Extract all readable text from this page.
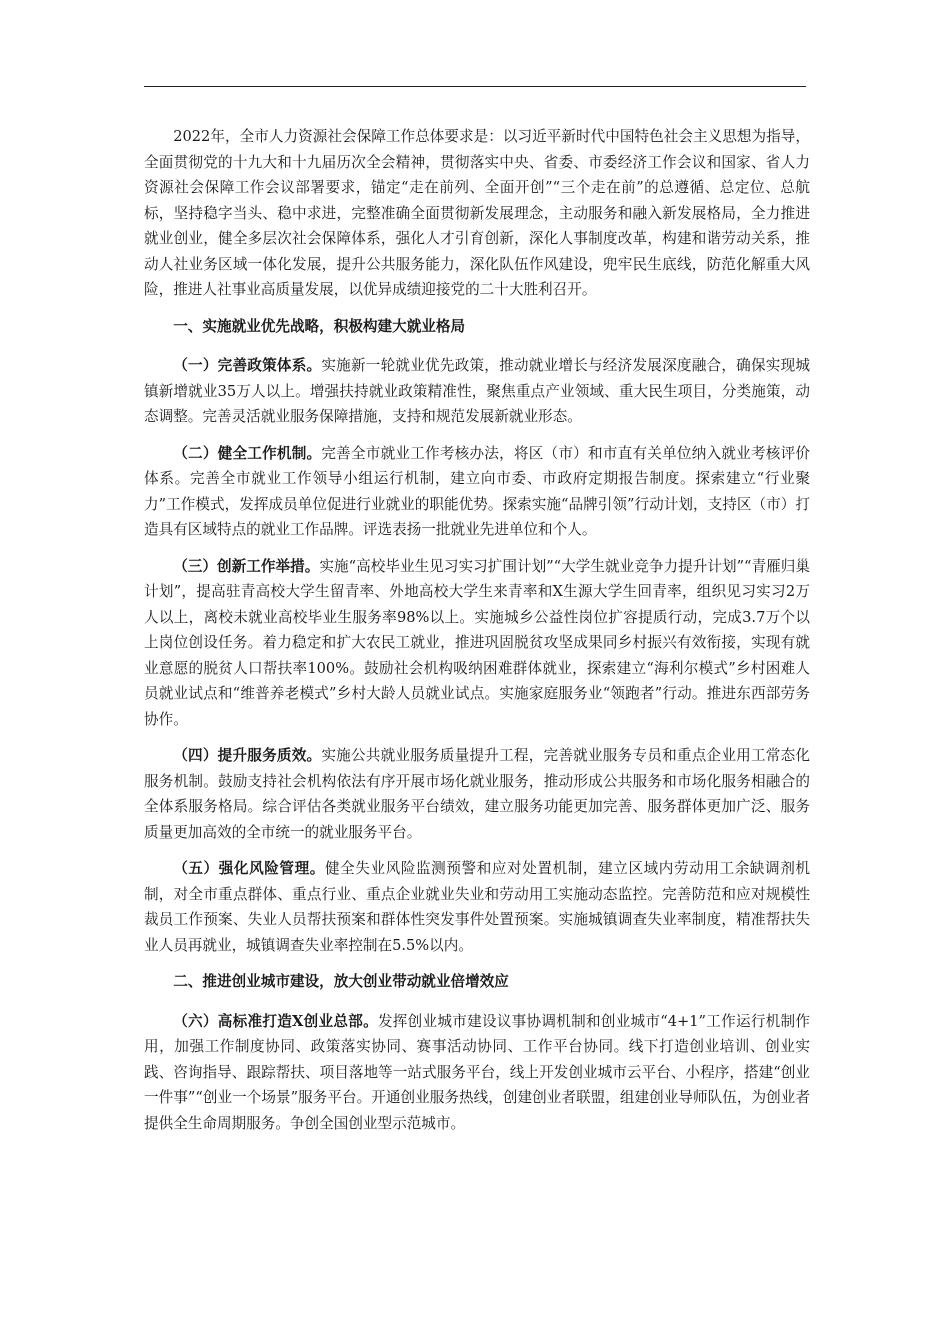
2022年，全市人力资源社会保障工作总体要求是：以习近平新时代中国特色社会主义思想为指导，全面贯彻党的十九大和十九届历次全会精神，贯彻落实中央、省委、市委经济工作会议和国家、省人力资源社会保障工作会议部署要求，锚定“走在前列、全面开创”“三个走在前”的总遵循、总定位、总航标，坚持稳字当头、稳中求进，完整准确全面贯彻新发展理念，主动服务和融入新发展格局，全力推进就业创业，健全多层次社会保障体系，强化人才引育创新，深化人事制度改革，构建和谐劳动关系，推动人社业务区域一体化发展，提升公共服务能力，深化队伍作风建设，兜牢民生底线，防范化解重大风险，推进人社事业高质量发展，以优异成绩迎接党的二十大胜利召开。

一、实施就业优先战略，积极构建大就业格局

（一）完善政策体系。实施新一轮就业优先政策，推动就业增长与经济发展深度融合，确保实现城镇新增就业35万人以上。增强扶持就业政策精准性，聚焦重点产业领域、重大民生项目，分类施策，动态调整。完善灵活就业服务保障措施，支持和规范发展新就业形态。

（二）健全工作机制。完善全市就业工作考核办法，将区（市）和市直有关单位纳入就业考核评价体系。完善全市就业工作领导小组运行机制，建立向市委、市政府定期报告制度。探索建立“行业聚力”工作模式，发挥成员单位促进行业就业的职能优势。探索实施“品牌引领”行动计划，支持区（市）打造具有区域特点的就业工作品牌。评选表扬一批就业先进单位和个人。

（三）创新工作举措。实施“高校毕业生见习实习扩围计划”“大学生就业竞争力提升计划”“青雁归巢计划”，提高驻青高校大学生留青率、外地高校大学生来青率和X生源大学生回青率，组织见习实习2万人以上，离校未就业高校毕业生服务率98%以上。实施城乡公益性岗位扩容提质行动，完成3.7万个以上岗位创设任务。着力稳定和扩大农民工就业，推进巩固脱贫攻坚成果同乡村振兴有效衔接，实现有就业意愿的脱贫人口帮扶率100%。鼓励社会机构吸纳困难群体就业，探索建立“海利尔模式”乡村困难人员就业试点和“维普养老模式”乡村大龄人员就业试点。实施家庭服务业“领跑者”行动。推进东西部劳务协作。

（四）提升服务质效。实施公共就业服务质量提升工程，完善就业服务专员和重点企业用工常态化服务机制。鼓励支持社会机构依法有序开展市场化就业服务，推动形成公共服务和市场化服务相融合的全体系服务格局。综合评估各类就业服务平台绩效，建立服务功能更加完善、服务群体更加广泛、服务质量更加高效的全市统一的就业服务平台。

（五）强化风险管理。健全失业风险监测预警和应对处置机制，建立区域内劳动用工余缺调剂机制，对全市重点群体、重点行业、重点企业就业失业和劳动用工实施动态监控。完善防范和应对规模性裁员工作预案、失业人员帮扶预案和群体性突发事件处置预案。实施城镇调查失业率制度，精准帮扶失业人员再就业，城镇调查失业率控制在5.5%以内。

二、推进创业城市建设，放大创业带动就业倍增效应

（六）高标准打造X创业总部。发挥创业城市建设议事协调机制和创业城市“4+1”工作运行机制作用，加强工作制度协同、政策落实协同、赛事活动协同、工作平台协同。线下打造创业培训、创业实践、咨询指导、跟踪帮扶、项目落地等一站式服务平台，线上开发创业城市云平台、小程序，搭建“创业一件事”“创业一个场景”服务平台。开通创业服务热线，创建创业者联盟，组建创业导师队伍，为创业者提供全生命周期服务。争创全国创业型示范城市。
